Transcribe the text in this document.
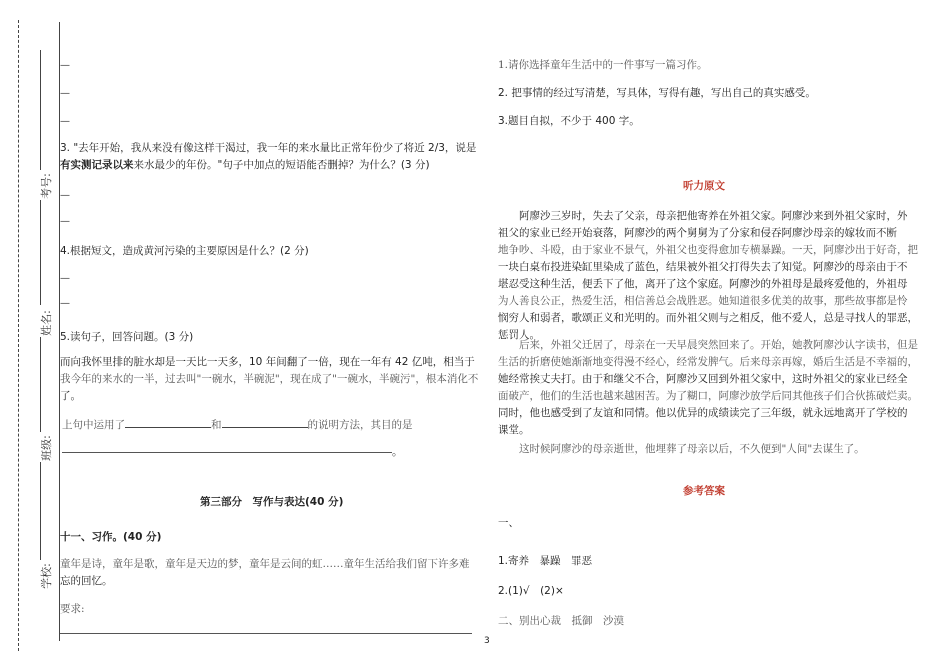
考号:
姓名:
班级:
学校:
—
—
—
—
—
—
—
3. "去年开始，我从来没有像这样干渴过，我一年的来水量比正常年份少了将近 2/3，说是
有实测记录以来来水最少的年份。"句子中加点的短语能否删掉？为什么？(3 分)
4.根据短文，造成黄河污染的主要原因是什么？(2 分)
5.读句子，回答问题。(3 分)
而向我怀里排的脏水却是一天比一天多，10 年间翻了一倍，现在一年有 42 亿吨，相当于
我今年的来水的一半，过去叫"一碗水，半碗泥"，现在成了"一碗水，半碗污"，根本消化不
了。
上句中运用了	和	的说明方法，其目的是
。
第三部分　写作与表达(40 分)
十一、习作。(40 分)
童年是诗，童年是歌，童年是天边的梦，童年是云间的虹……童年生活给我们留下许多难
忘的回忆。
要求:
1.请你选择童年生活中的一件事写一篇习作。
2. 把事情的经过写清楚，写具体，写得有趣，写出自己的真实感受。
3.题目自拟，不少于 400 字。
听力原文
阿廖沙三岁时，失去了父亲，母亲把他寄养在外祖父家。阿廖沙来到外祖父家时，外
祖父的家业已经开始衰落，阿廖沙的两个舅舅为了分家和侵吞阿廖沙母亲的嫁妆而不断
地争吵、斗殴，由于家业不景气，外祖父也变得愈加专横暴躁。一天，阿廖沙出于好奇，把
一块白桌布投进染缸里染成了蓝色，结果被外祖父打得失去了知觉。阿廖沙的母亲由于不
堪忍受这种生活，便丢下了他，离开了这个家庭。阿廖沙的外祖母是最疼爱他的，外祖母
为人善良公正，热爱生活，相信善总会战胜恶。她知道很多优美的故事，那些故事都是怜
悯穷人和弱者，歌颂正义和光明的。而外祖父则与之相反，他不爱人，总是寻找人的罪恶，
惩罚人。
后来，外祖父迁居了，母亲在一天早晨突然回来了。开始，她教阿廖沙认字读书，但是
生活的折磨使她渐渐地变得漫不经心，经常发脾气。后来母亲再嫁，婚后生活是不幸福的，
她经常挨丈夫打。由于和继父不合，阿廖沙又回到外祖父家中，这时外祖父的家业已经全
面破产，他们的生活也越来越困苦。为了糊口，阿廖沙放学后同其他孩子们合伙拣破烂卖。
同时，他也感受到了友谊和同情。他以优异的成绩读完了三年级，就永远地离开了学校的
课堂。
这时候阿廖沙的母亲逝世，他埋葬了母亲以后，不久便到"人间"去谋生了。
参考答案
一、
1.寄养　暴躁　罪恶
2.(1)√　(2)×
二、别出心裁　抵御　沙漠
3
